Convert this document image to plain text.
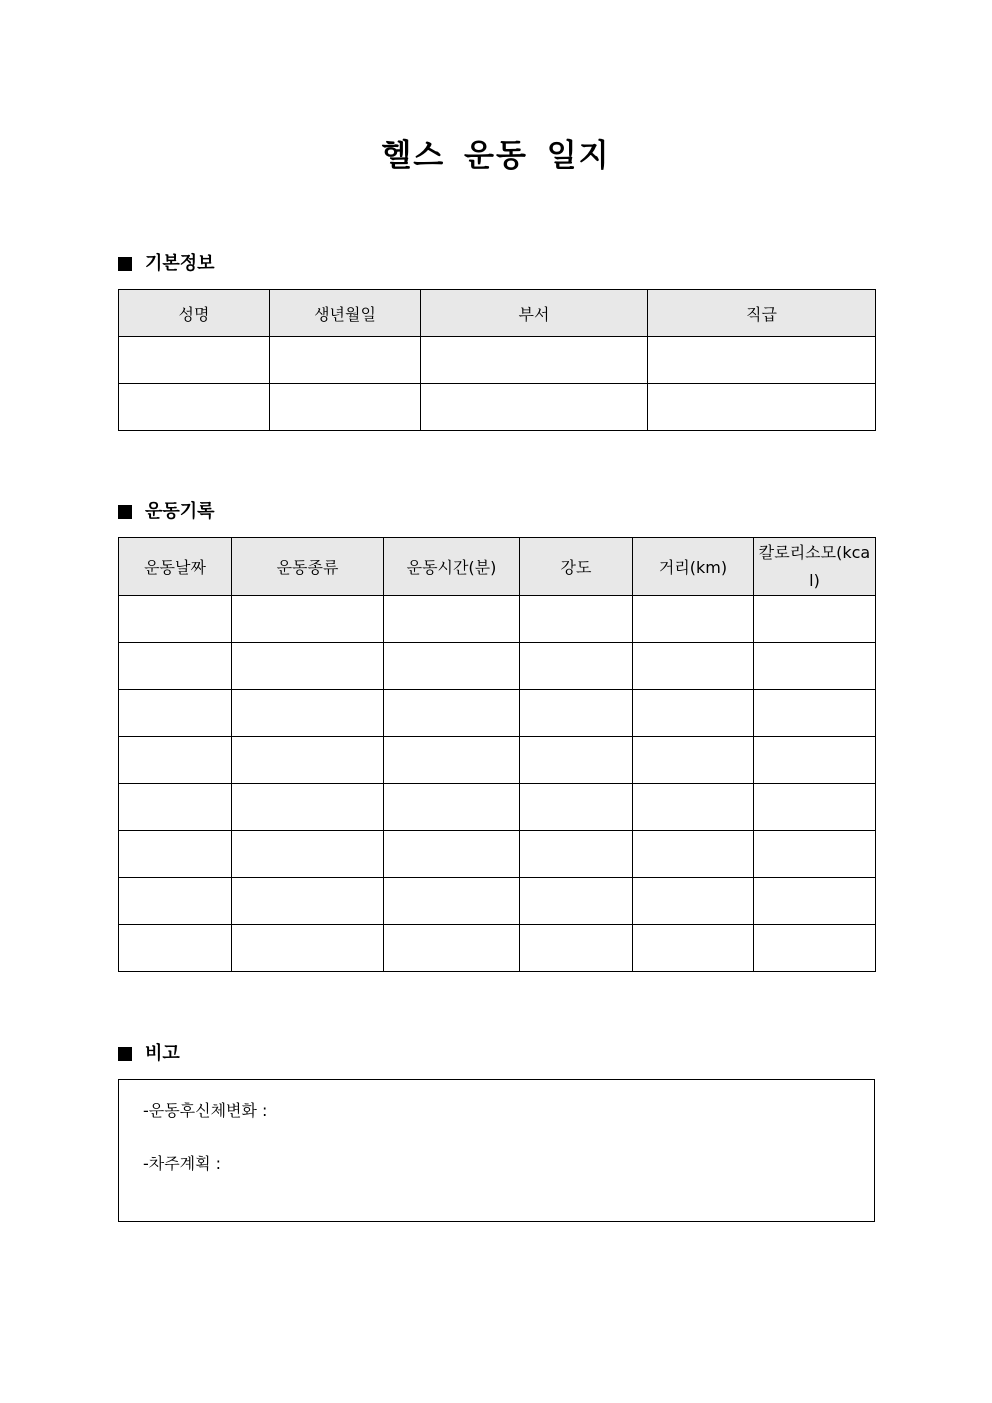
헬스 운동 일지
기본정보
성명	생년월일	부서	직급

운동기록
운동날짜	운동종류	운동시간(분)	강도	거리(km)	칼로리소모(kcal)

비고
-운동후신체변화 :
-차주계획 :
